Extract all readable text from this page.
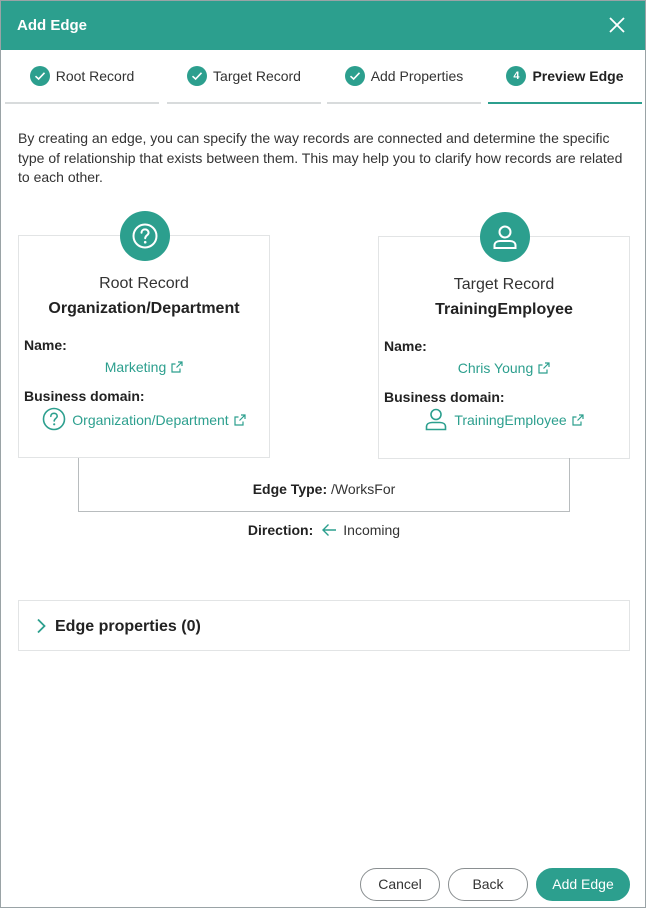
Add Edge
Root Record	Target Record	Add Properties	4 Preview Edge
By creating an edge, you can specify the way records are connected and determine the specific type of relationship that exists between them. This may help you to clarify how records are related to each other.
Root Record
Organization/Department
Name:
Marketing
Business domain:
Organization/Department
Target Record
TrainingEmployee
Name:
Chris Young
Business domain:
TrainingEmployee
Edge Type: /WorksFor
Direction: Incoming
Edge properties (0)
Cancel	Back	Add Edge
